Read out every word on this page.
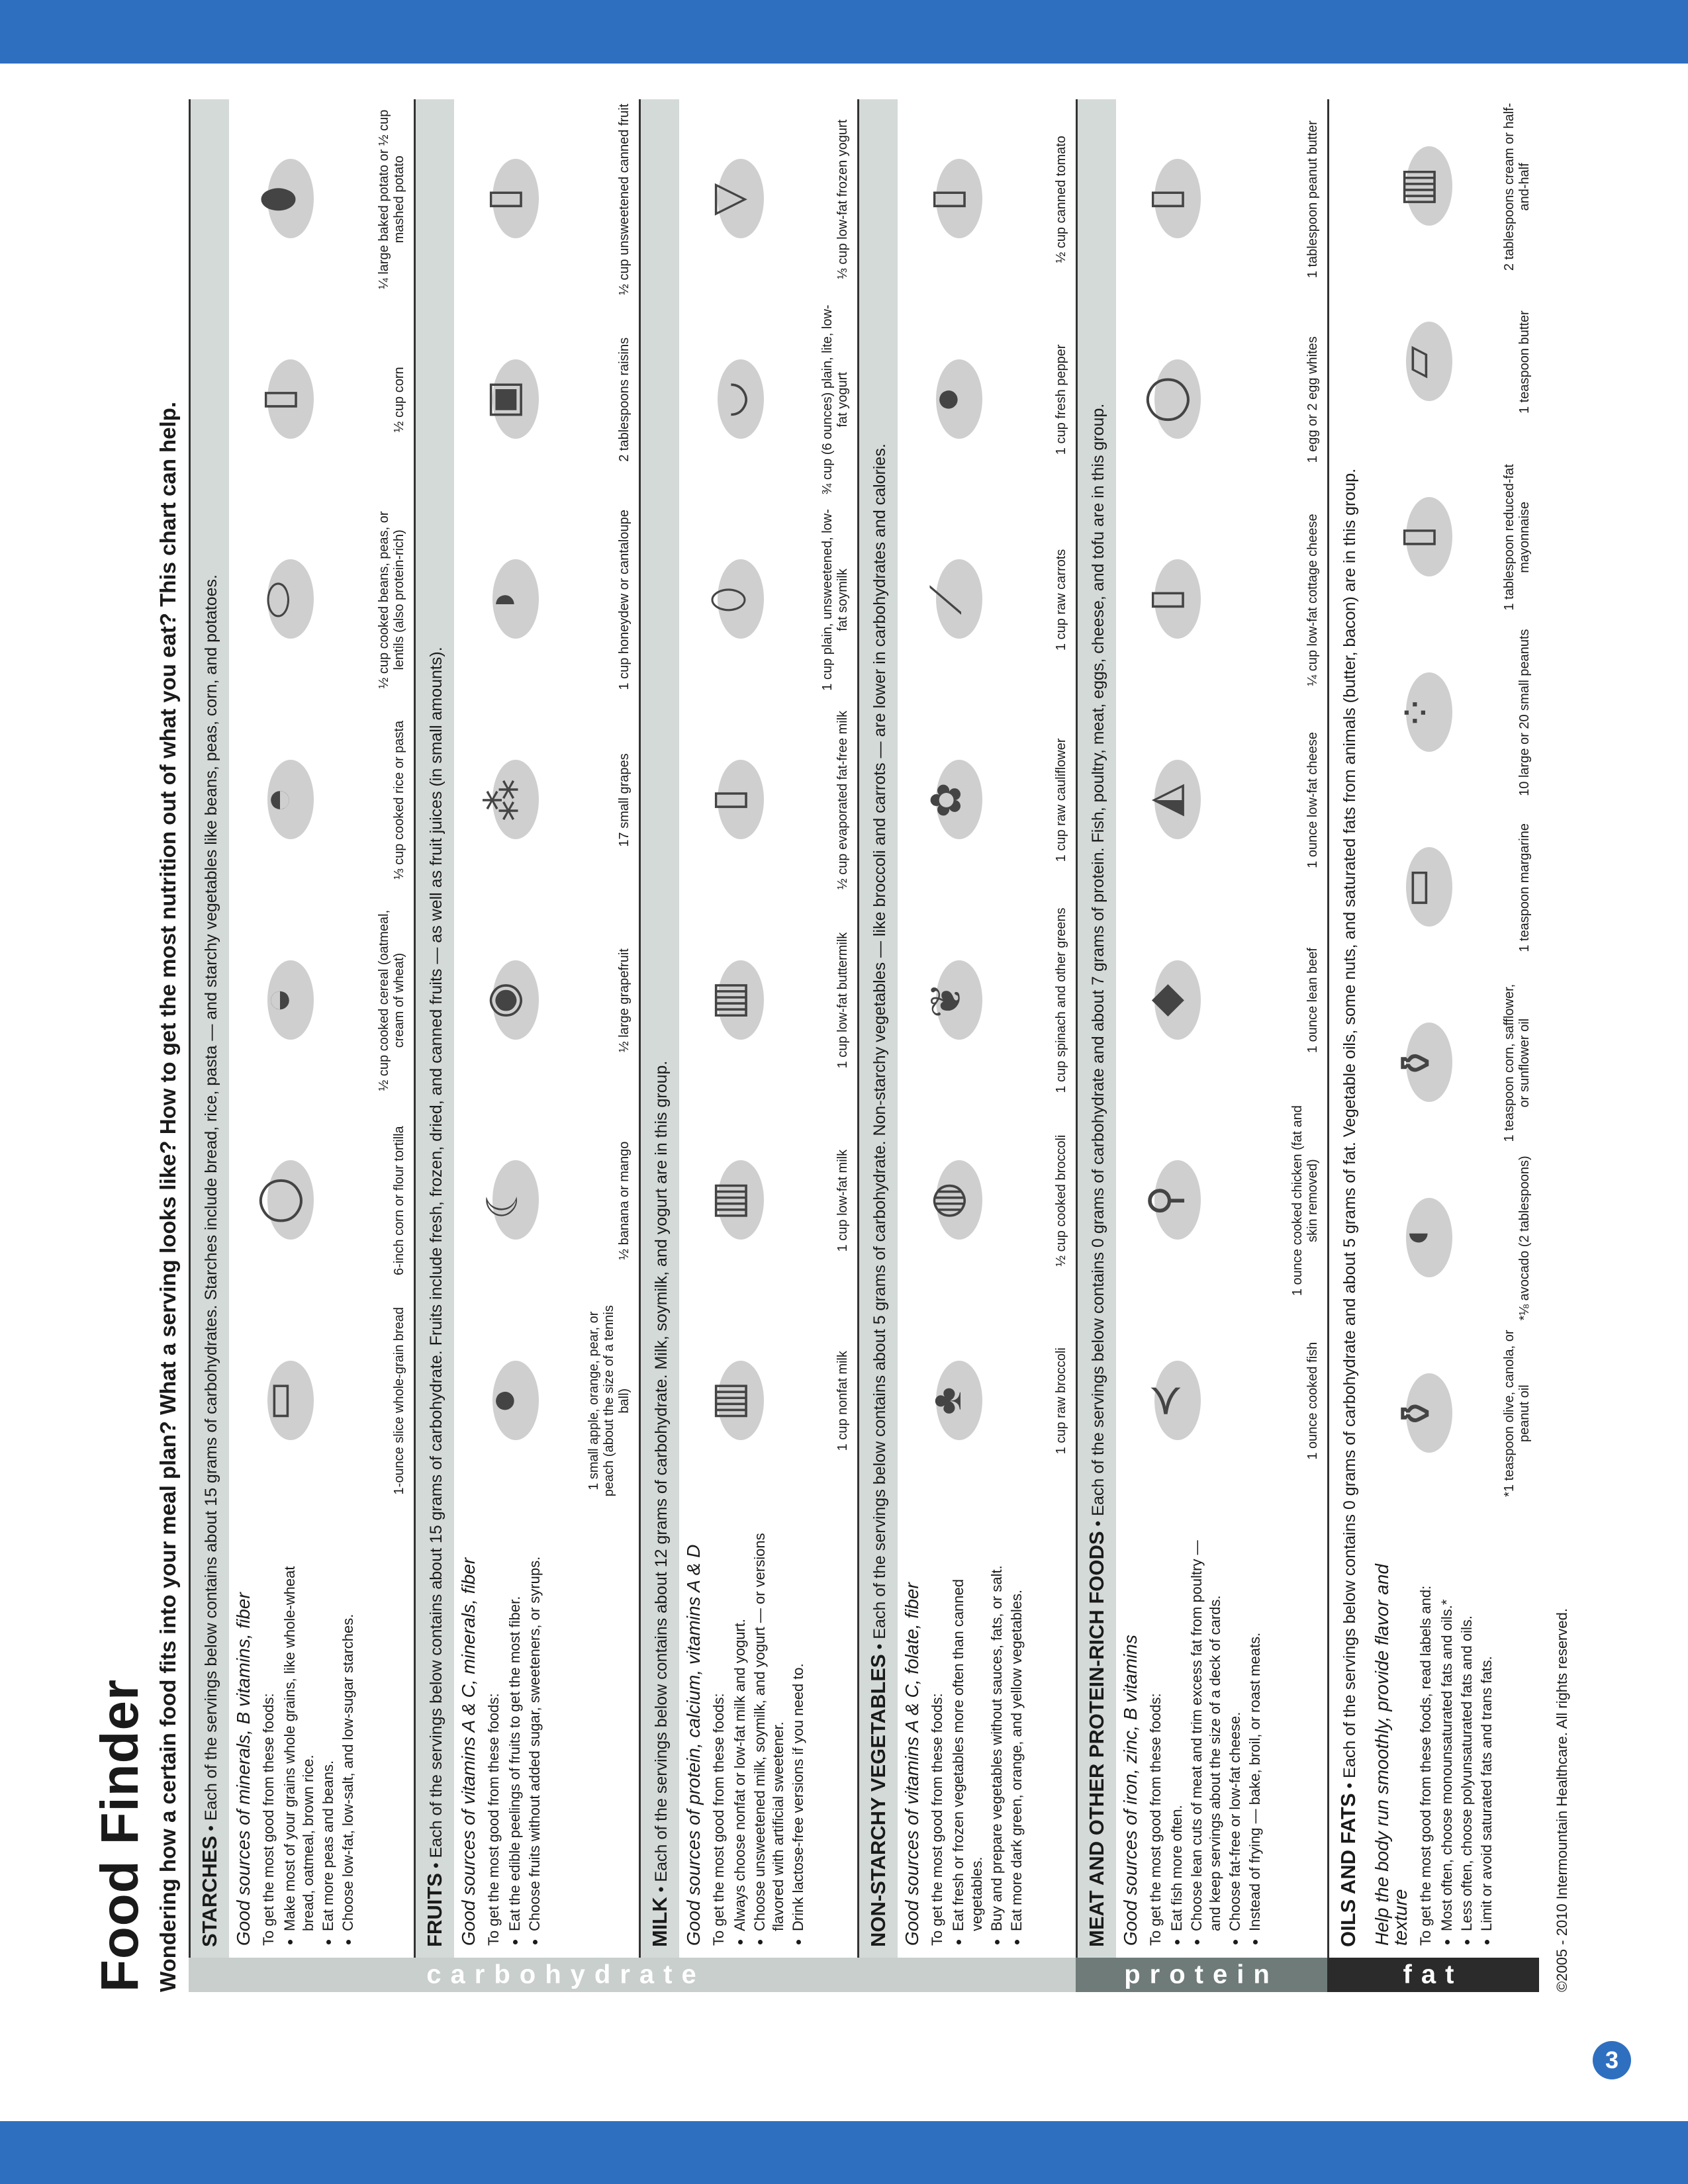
Food Finder Wondering how a certain food fits into your meal plan? What a serving looks like? How to get the most nutrition out of what you eat? This chart can help.	carbohydrate
STARCHES • Each of the servings below contains about 15 grams of carbohydrates. Starches include bread, rice, pasta — and starchy vegetables like beans, peas, corn, and potatoes. Good sources of minerals, B vitamins, fiber To get the most good from these foods: • Make most of your grains whole grains, like whole-wheat bread, oatmeal, brown rice. • Eat more peas and beans. • Choose low-fat, low-salt, and low-sugar starches.
▭	1-ounce slice whole-grain bread
◯	6-inch corn or flour tortilla
◒	½ cup cooked cereal (oatmeal, cream of wheat)
◓	⅓ cup cooked rice or pasta
⬭	½ cup cooked beans, peas, or lentils (also protein-rich)
▯	½ cup corn
⬮	¼ large baked potato or ½ cup mashed potato
FRUITS • Each of the servings below contains about 15 grams of carbohydrate. Fruits include fresh, frozen, dried, and canned fruits — as well as fruit juices (in small amounts). Good sources of vitamins A & C, minerals, fiber To get the most good from these foods: • Eat the edible peelings of fruits to get the most fiber. • Choose fruits without added sugar, sweeteners, or syrups.
●	1 small apple, orange, pear, or peach (about the size of a tennis ball)
☾	½ banana or mango
◉	½ large grapefruit
⁂	17 small grapes
◗	1 cup honeydew or cantaloupe
▣	2 tablespoons raisins
▯	½ cup unsweetened canned fruit
MILK • Each of the servings below contains about 12 grams of carbohydrate. Milk, soymilk, and yogurt are in this group. Good sources of protein, calcium, vitamins A & D To get the most good from these foods: • Always choose nonfat or low-fat milk and yogurt. • Choose unsweetened milk, soymilk, and yogurt — or versions flavored with artificial sweetener. • Drink lactose-free versions if you need to.
▥	1 cup nonfat milk
▥	1 cup low-fat milk
▥	1 cup low-fat buttermilk
▯	½ cup evaporated fat-free milk
⬯	1 cup plain, unsweetened, low-fat soymilk
◡	¾ cup (6 ounces) plain, lite, low-fat yogurt
▽	⅓ cup low-fat frozen yogurt
NON-STARCHY VEGETABLES • Each of the servings below contains about 5 grams of carbohydrate. Non-starchy vegetables — like broccoli and carrots — are lower in carbohydrates and calories.
Good sources of vitamins A & C, folate, fiber To get the most good from these foods: • Eat fresh or frozen vegetables more often than canned vegetables. • Buy and prepare vegetables without sauces, fats, or salt. • Eat more dark green, orange, and yellow vegetables.
♣	1 cup raw broccoli
◍	½ cup cooked broccoli
❦	1 cup spinach and other greens
✿	1 cup raw cauliflower
⟋	1 cup raw carrots
●	1 cup fresh pepper
▯	½ cup canned tomato
protein
MEAT AND OTHER PROTEIN-RICH FOODS • Each of the servings below contains 0 grams of carbohydrate and about 7 grams of protein. Fish, poultry, meat, eggs, cheese, and tofu are in this group.
Good sources of iron, zinc, B vitamins To get the most good from these foods: • Eat fish more often. • Choose lean cuts of meat and trim excess fat from poultry — and keep servings about the size of a deck of cards. • Choose fat-free or low-fat cheese. • Instead of frying — bake, broil, or roast meats.
≺	1 ounce cooked fish
⚲	1 ounce cooked chicken (fat and skin removed)
◆	1 ounce lean beef
◭	1 ounce low-fat cheese
▯	¼ cup low-fat cottage cheese
◯	1 egg or 2 egg whites
▯	1 tablespoon peanut butter
fat
OILS AND FATS • Each of the servings below contains 0 grams of carbohydrate and about 5 grams of fat. Vegetable oils, some nuts, and saturated fats from animals (butter, bacon) are in this group. Help the body run smoothly, provide flavor and texture To get the most good from these foods, read labels and: • Most often, choose monounsaturated fats and oils.* • Less often, choose polyunsaturated fats and oils. • Limit or avoid saturated fats and trans fats.
⚱	*1 teaspoon olive, canola, or peanut oil
◖	*⅛ avocado (2 tablespoons)
⚱	1 teaspoon corn, safflower, or sunflower oil
▭	1 teaspoon margarine
⁘	10 large or 20 small peanuts
▯	1 tablespoon reduced-fat mayonnaise
▱	1 teaspoon butter
▥	2 tablespoons cream or half-and-half
©2005 - 2010 Intermountain Healthcare. All rights reserved.
3
